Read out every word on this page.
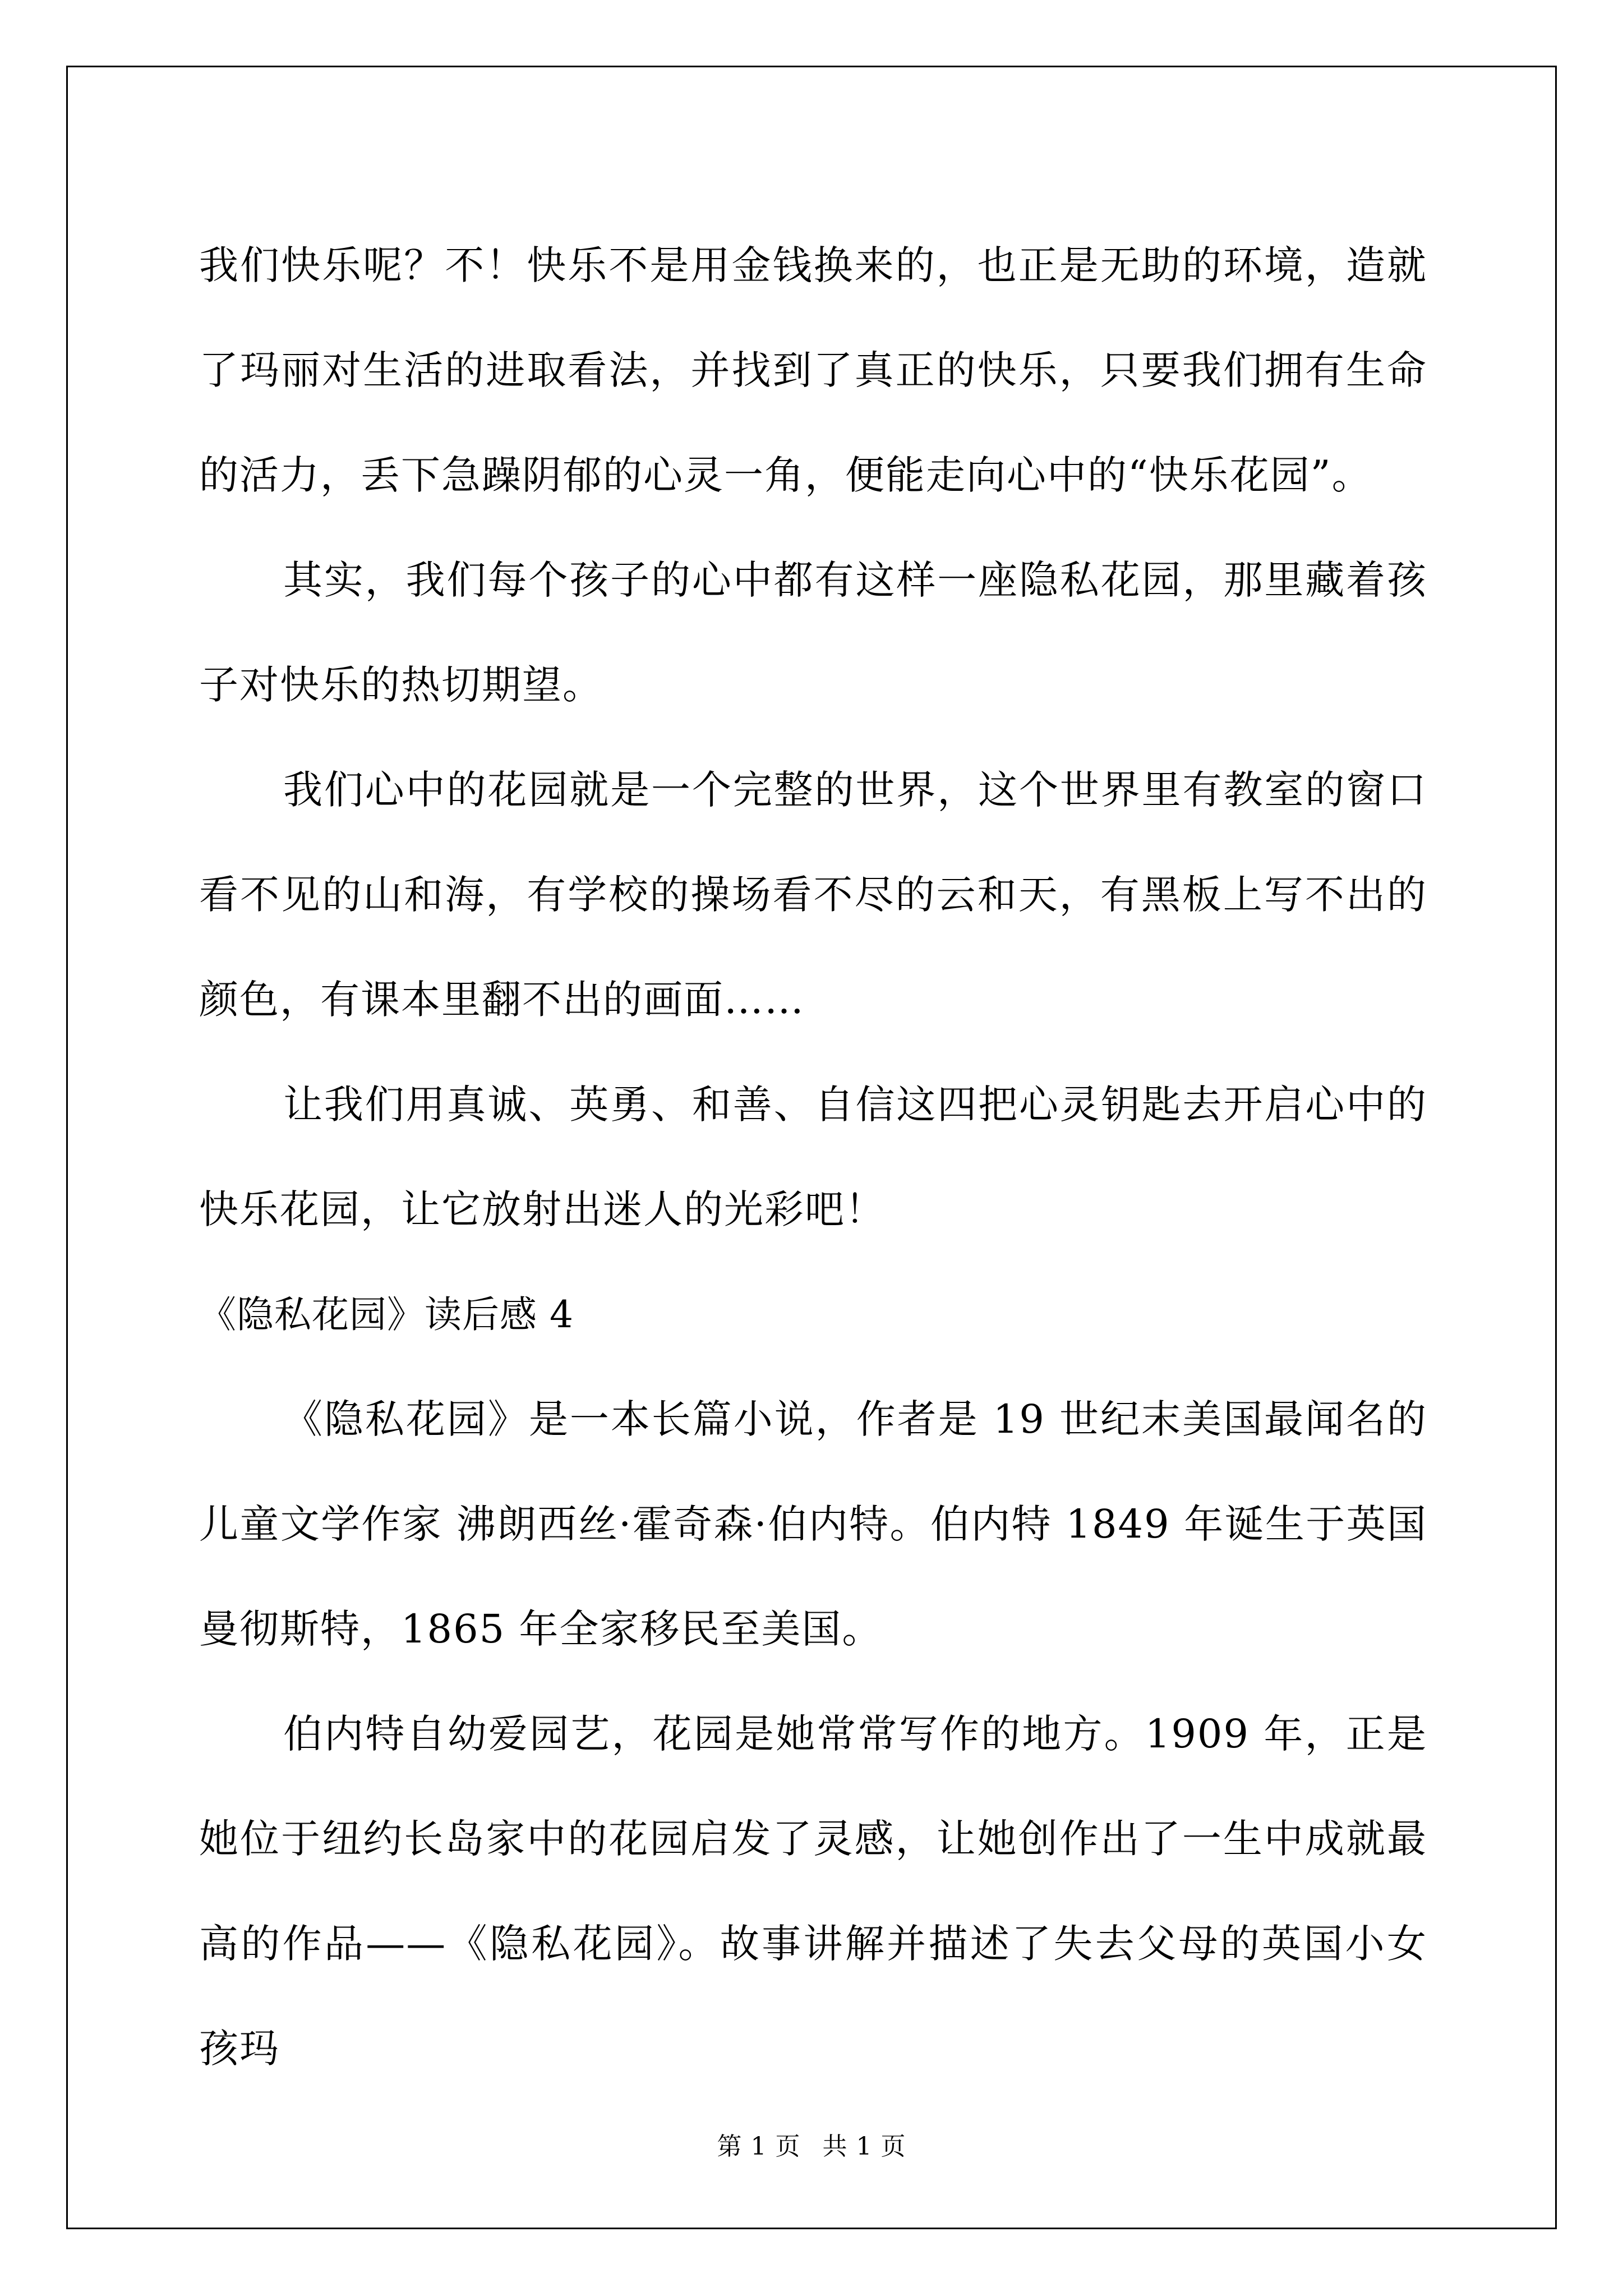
我们快乐呢？不！快乐不是用金钱换来的，也正是无助的环境，造就了玛丽对生活的进取看法，并找到了真正的快乐，只要我们拥有生命的活力，丢下急躁阴郁的心灵一角，便能走向心中的“快乐花园”。

其实，我们每个孩子的心中都有这样一座隐私花园，那里藏着孩子对快乐的热切期望。

我们心中的花园就是一个完整的世界，这个世界里有教室的窗口看不见的山和海，有学校的操场看不尽的云和天，有黑板上写不出的颜色，有课本里翻不出的画面……

让我们用真诚、英勇、和善、自信这四把心灵钥匙去开启心中的快乐花园，让它放射出迷人的光彩吧！

《隐私花园》读后感 4

《隐私花园》是一本长篇小说，作者是 19 世纪末美国最闻名的儿童文学作家 沸朗西丝·霍奇森·伯内特。伯内特 1849 年诞生于英国曼彻斯特，1865 年全家移民至美国。

伯内特自幼爱园艺，花园是她常常写作的地方。1909 年，正是她位于纽约长岛家中的花园启发了灵感，让她创作出了一生中成就最高的作品——《隐私花园》。故事讲解并描述了失去父母的英国小女孩玛

第 1 页 共 1 页
